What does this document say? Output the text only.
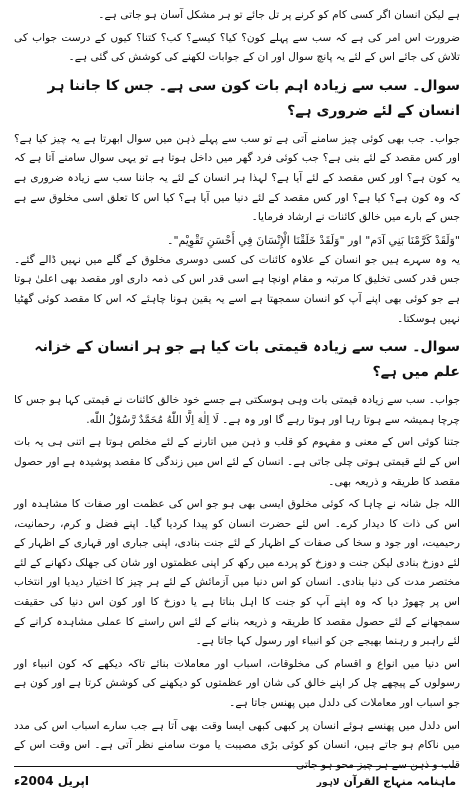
ہے لیکن انسان اگر کسی کام کو کرنے پر تل جائے تو ہر مشکل آسان ہو جاتی ہے۔

ضرورت اس امر کی ہے کہ سب سے پہلے کون؟ کیا؟ کیسے؟ کب؟ کتنا؟ کیوں کے درست جواب کی تلاش کی جائے اس کے لئے یہ پانچ سوال اور ان کے جوابات لکھنے کی کوشش کی گئی ہے۔

سوال۔ سب سے زیادہ اہم بات کون سی ہے۔ جس کا جاننا ہر انسان کے لئے ضروری ہے؟

جواب۔ جب بھی کوئی چیز سامنے آتی ہے تو سب سے پہلے ذہن میں سوال ابھرتا ہے یہ چیز کیا ہے؟ اور کس مقصد کے لئے بنی ہے؟ جب کوئی فرد گھر میں داخل ہوتا ہے تو یہی سوال سامنے آتا ہے کہ یہ کون ہے؟ اور کس مقصد کے لئے آیا ہے؟ لہذا ہر انسان کے لئے یہ جاننا سب سے زیادہ ضروری ہے کہ وہ کون ہے؟ کیا ہے؟ اور کس مقصد کے لئے دنیا میں آیا ہے؟ کیا اس کا تعلق اسی مخلوق سے ہے جس کے بارے میں خالق کائنات نے ارشاد فرمایا۔

"وَلَقَدْ كَرَّمْنَا بَنِي آدَم" اور "وَلَقَدْ خَلَقْنَا الْإِنْسَانَ فِي أَحْسَنِ تَقْوِيْم"۔

یہ وہ سہرے ہیں جو انسان کے علاوہ کائنات کی کسی دوسری مخلوق کے گلے میں نہیں ڈالے گئے۔ جس قدر کسی تخلیق کا مرتبہ و مقام اونچا ہے اسی قدر اس کی ذمہ داری اور مقصد بھی اعلیٰ ہوتا ہے جو کوئی بھی اپنے آپ کو انسان سمجھتا ہے اسے یہ یقین ہونا چاہئے کہ اس کا مقصد کوئی گھٹیا نہیں ہوسکتا۔

سوال۔ سب سے زیادہ قیمتی بات کیا ہے جو ہر انسان کے خزانہ علم میں ہے؟

جواب۔ سب سے زیادہ قیمتی بات وہی ہوسکتی ہے جسے خود خالق کائنات نے قیمتی کہا ہو جس کا چرچا ہمیشہ سے ہوتا رہا اور ہوتا رہے گا اور وہ ہے۔ لَا اِلٰهَ اِلَّا اللّٰهُ مُحَمَّدٌ رَّسُوْلُ اللّٰه.

جتنا کوئی اس کے معنی و مفہوم کو قلب و ذہن میں اتارنے کے لئے مخلص ہوتا ہے اتنی ہی یہ بات اس کے لئے قیمتی ہوتی چلی جاتی ہے۔ انسان کے لئے اس میں زندگی کا مقصد پوشیدہ ہے اور حصول مقصد کا طریقہ و ذریعہ بھی۔

اللہ جل شانہ نے چاہا کہ کوئی مخلوق ایسی بھی ہو جو اس کی عظمت اور صفات کا مشاہدہ اور اس کی ذات کا دیدار کرے۔ اس لئے حضرت انسان کو پیدا کردیا گیا۔ اپنے فضل و کرم، رحمانیت، رحیمیت، اور جود و سخا کی صفات کے اظہار کے لئے جنت بنادی، اپنی جباری اور قہاری کے اظہار کے لئے دوزخ بنادی لیکن جنت و دوزخ کو پردے میں رکھ کر اپنی عظمتوں اور شان کی جھلک دکھانے کے لئے مختصر مدت کی دنیا بنادی۔ انسان کو اس دنیا میں آزمائش کے لئے ہر چیز کا اختیار دیدیا اور انتخاب اس پر چھوڑ دیا کہ وہ اپنے آپ کو جنت کا اہل بناتا ہے یا دوزخ کا اور کون اس دنیا کی حقیقت سمجھانے کے لئے حصول مقصد کا طریقہ و ذریعہ بنانے کے لئے اس راستے کا عملی مشاہدہ کرانے کے لئے راہبر و رہنما بھیجے جن کو انبیاء اور رسول کہا جاتا ہے۔

اس دنیا میں انواع و اقسام کی مخلوقات، اسباب اور معاملات بنائے تاکہ دیکھے کہ کون انبیاء اور رسولوں کے پیچھے چل کر اپنے خالق کی شان اور عظمتوں کو دیکھنے کی کوشش کرتا ہے اور کون ہے جو اسباب اور معاملات کی دلدل میں پھنس جاتا ہے۔

اس دلدل میں پھنسے ہوئے انسان پر کبھی کبھی ایسا وقت بھی آتا ہے جب سارے اسباب اس کی مدد میں ناکام ہو جاتے ہیں، انسان کو کوئی بڑی مصیبت یا موت سامنے نظر آتی ہے۔ اس وقت اس کے قلب و ذہن سے ہر چیز محو ہو جاتی

ماہنامہ منہاج القرآن لاہور
اپریل 2004ء
